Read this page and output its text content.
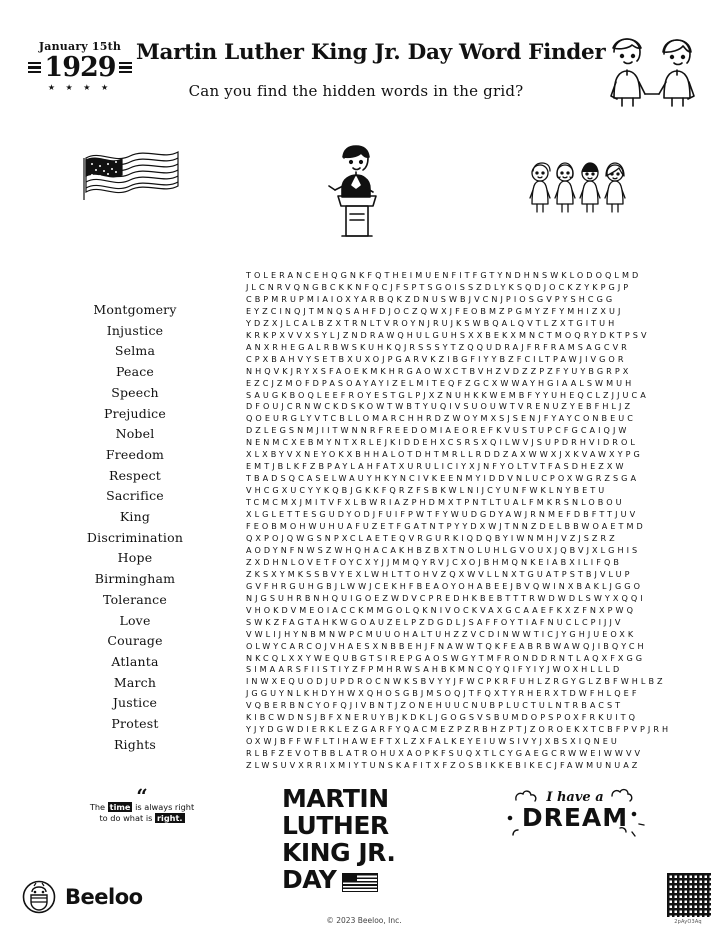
January 15th
1929
★ ★ ★ ★
Martin Luther King Jr. Day Word Finder
Can you find the hidden words in the grid?
Montgomery
Injustice
Selma
Peace
Speech
Prejudice
Nobel
Freedom
Respect
Sacrifice
King
Discrimination
Hope
Birmingham
Tolerance
Love
Courage
Atlanta
March
Justice
Protest
Rights
TOLERANCEHQGNKFQTHEIMUENFITFGTYNDHNSWKLODOQLMD
JLCNRVQNGBCKKNFQCJFSPTSGOISSZDLYKSQDJOCKZYKPGJP
CBPMRUPMIAIOXYARBQKZDNUSWBJVCNJPIOSGVPYSHCGG
EYZCINQJTMNQSAHFDJOCZQWXJFEOBMZPGMYZFYMHIZXUJ
YDZXJLCALBZXTRNLTVROYNJRUJKSWBQALQVTLZXTGITUH
KRKPXVVXSYLJZNDRAWQHULGUHSXXBEKXMNCTMOQRYDKTPSV
ANXRHEGALRBWSKUHKQJRSSSYTZQQUDRAJFRFRAMSAGCVR
CPXBAHVYSETBXUXOJPGARVKZIBGFIYYBZFCILTPAWJIVGOR
NHQVKJRYXSFAOEKMKHRGAOWXCTBVHZVDZZPZFYUYBGRPX
EZCJZMOFDPASOAYAYIZELMITEQFZGCXWWAYHGIAALSWMUH
SAUGKBOQLEEFROYESTGLPJXZNUHKKWEMBFYYUHEQCLZJJUCA
DFOUJCRNWCKDSKOWTWBTYUQIVSUOUWTVRENUZYEBFHLJZ
QOEURGLYVTCBLLOMARCHHRDZWOYMXSJSENJFYAYCONBEUC
DZLEGSNMJIITWNNRFREEDOMIAEOREFKVUSTUPCFGCAIQJW
NENMCXEBMYNTXRLEJKIDDEHXCSRSXQILWVJSUPDRHVIDROL
XLXBYVXNEYOKXBHHALOTDHTMRLLRDDZAXWWXJXKVAWXYPG
EMTJBLKFZBPAYLAHFATXURULICIYXJNFYOLTVTFASDHEZXW
TBADSQCASELWAUYHKYNCIVKEENMYIDDVNLUCPOXWGRZSGA
VHCGXUCYYKQBJGKKFQRZFSBKWLNIJCYUNFWKLNYBETU
TCMCMXJMITVFXLBWRIAZPHDMXTPNTLTUALFMKRSNLOBOU
XLGLETTESGUDYODJFUIFPWTFYWUDGDYAWJRNMEFDBFTTJUV
FEOBMOHWUHUAFUZETFGATNTPYYDXWJTNNZDELBBWOAETMD
QXPOJQWGSNPXCLAETEQVRGURKIQDQBYIWNMHJVZJSZRZ
AODYNFNWSZWHQHACAKHBZBXTNOLUHLGVOUXJQBVJXLGHIS
ZXDHNLOVETFOYCXYJJMMQYRVJCXOJBHMQNKEIABXILIFQB
ZKSXYMKSSBVYEXLWHLTTOHVZQXWVLLNXTGUATPSTBJVLUP
GVFHRGUHGBJLWWJCEKHFBEAOYOHABEEJBVQWINXBAKLJGGO
NJGSUHRBNHQUIGOEZWDVCPREDHKBEBTTTRWDWDLSWYXQQI
VHOKDVMEOIACCKMMGOLQKNIVOCKVAXGCAAEFKXZFNXPWQ
SWKZFAGTAHKWGOAUZELPZDGDLJSAFFOYTIAFNUCLCPIJJV
VWLIJHYNBMNWPCMUUOHALTUHZZVCDINWWTICJYGHJUEOXK
OLWYCARCOJVHAESXNBBEHJFNAWWTQKFEABRBWAWQJIBQYCH
NKCQLXXYWEQUBGTSIREPGAOSWGYTMFRONDDRNTLAQXFXGG
SIMAARSFIISTIYZFPMHRWSAHBKMNCQYQIFYIYJWOXHLLLD
INWXEQUODJUPDROCNWKSBVYYJFWCPKRFUHLZRGYGLZBFWHLBZ
JGGUYNLKHDYHWXQHOSGBJMSOQJTFQXTYRHERXTDWFHLQEF
VQBERBNCYOFQJIVBNTJZONEHUUCNUBPLUCTULNTRBACST
KIBCWDNSJBFXNERUYBJKDKLJGOGSVSBUMDOPSPOXFRKUITQ
YJYDGWDIERKLEZGARFYQACMEZPZRBHZPTJZOROEKXTCBFPVPJRH
OXWJBFFWFLTIHAWEFTXLZXFALKEYEIUWSIVYJXBSXIQNEU
RLBFZEVOTBBLATROHUXAOPKFSUQXTLCYGAEGCRWWEIWWVV
ZLWSUVXRRIXMIYTUNSKAFITXFZOSBIKKEBIKECJFAWMUNUAZ
“
The time is always right
to do what is right.
MARTIN
LUTHER
KING JR.
DAY
I have a
DREAM
Beeloo
© 2023 Beeloo, Inc.	2pAyO3Aq
